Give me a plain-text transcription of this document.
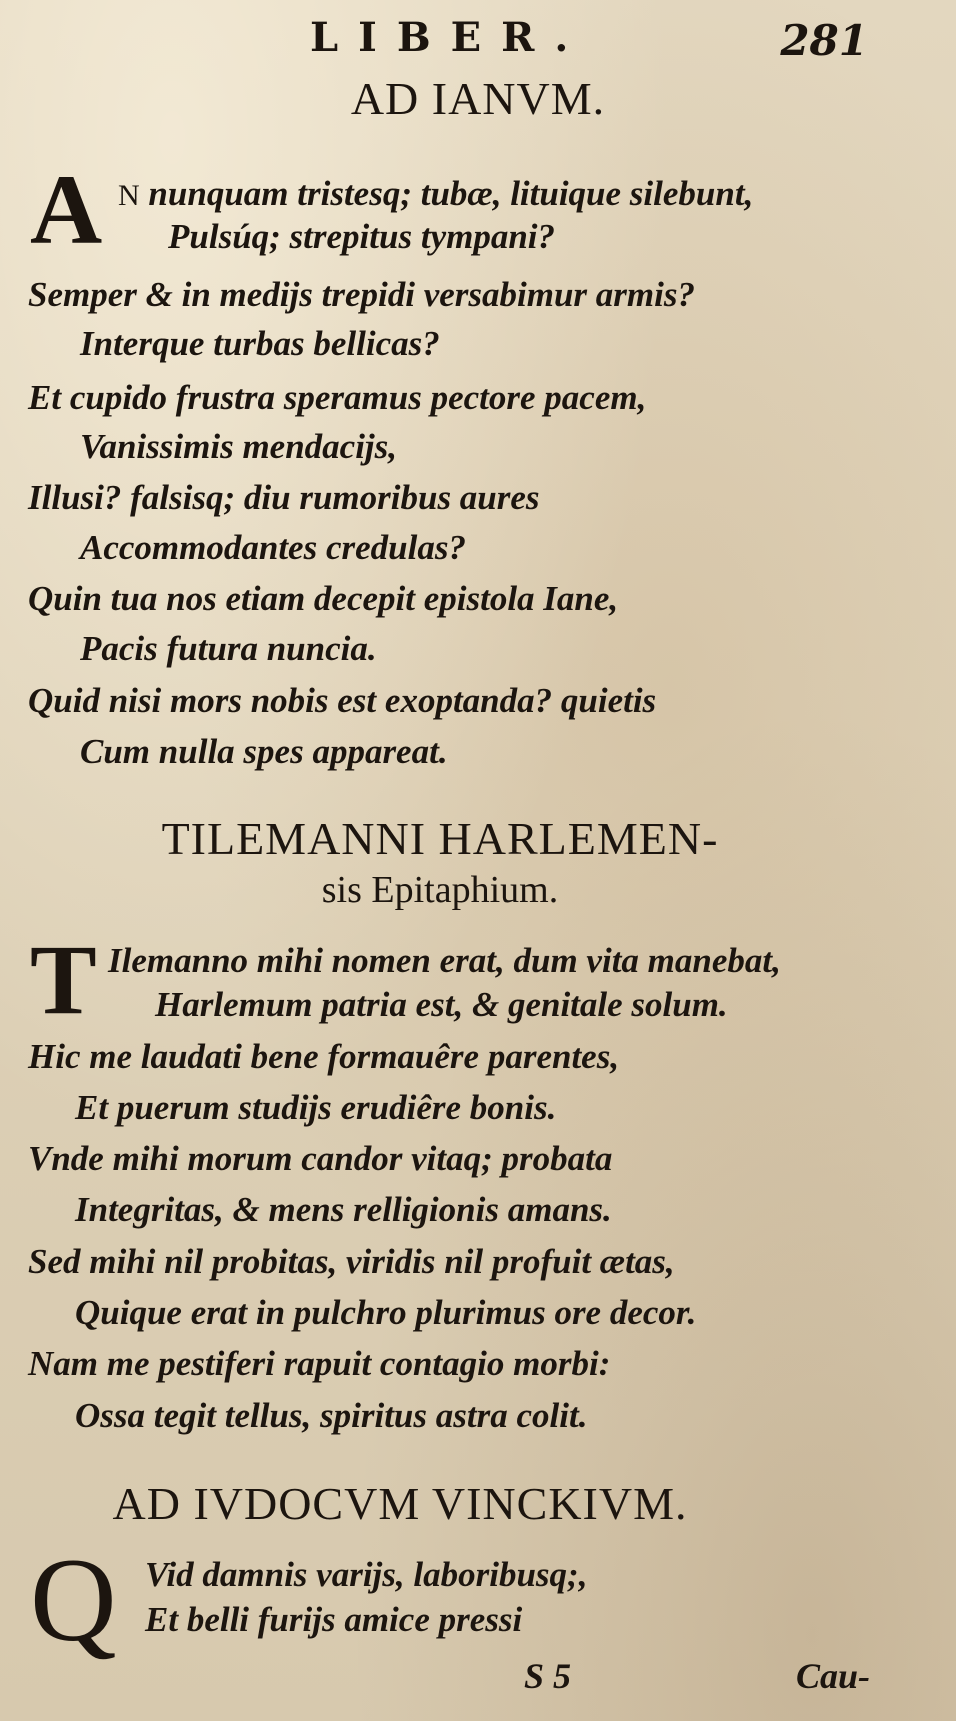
LIBER.	281
AD IANVM.
A N nunquam tristesq; tubæ, lituique silebunt,
Pulsúq; strepitus tympani?
Semper & in medijs trepidi versabimur armis?
Interque turbas bellicas?
Et cupido frustra speramus pectore pacem,
Vanissimis mendacijs,
Illusi? falsisq; diu rumoribus aures
Accommodantes credulas?
Quin tua nos etiam decepit epistola Iane,
Pacis futura nuncia.
Quid nisi mors nobis est exoptanda? quietis
Cum nulla spes appareat.
TILEMANNI HARLEMEN-
sis Epitaphium.
T Ilemanno mihi nomen erat, dum vita manebat,
Harlemum patria est, & genitale solum.
Hic me laudati bene formauêre parentes,
Et puerum studijs erudiêre bonis.
Vnde mihi morum candor vitaq; probata
Integritas, & mens relligionis amans.
Sed mihi nil probitas, viridis nil profuit ætas,
Quique erat in pulchro plurimus ore decor.
Nam me pestiferi rapuit contagio morbi:
Ossa tegit tellus, spiritus astra colit.
AD IVDOCVM VINCKIVM.
Q Vid damnis varijs, laboribusq;,
Et belli furijs amice pressi
S 5	Cau-
